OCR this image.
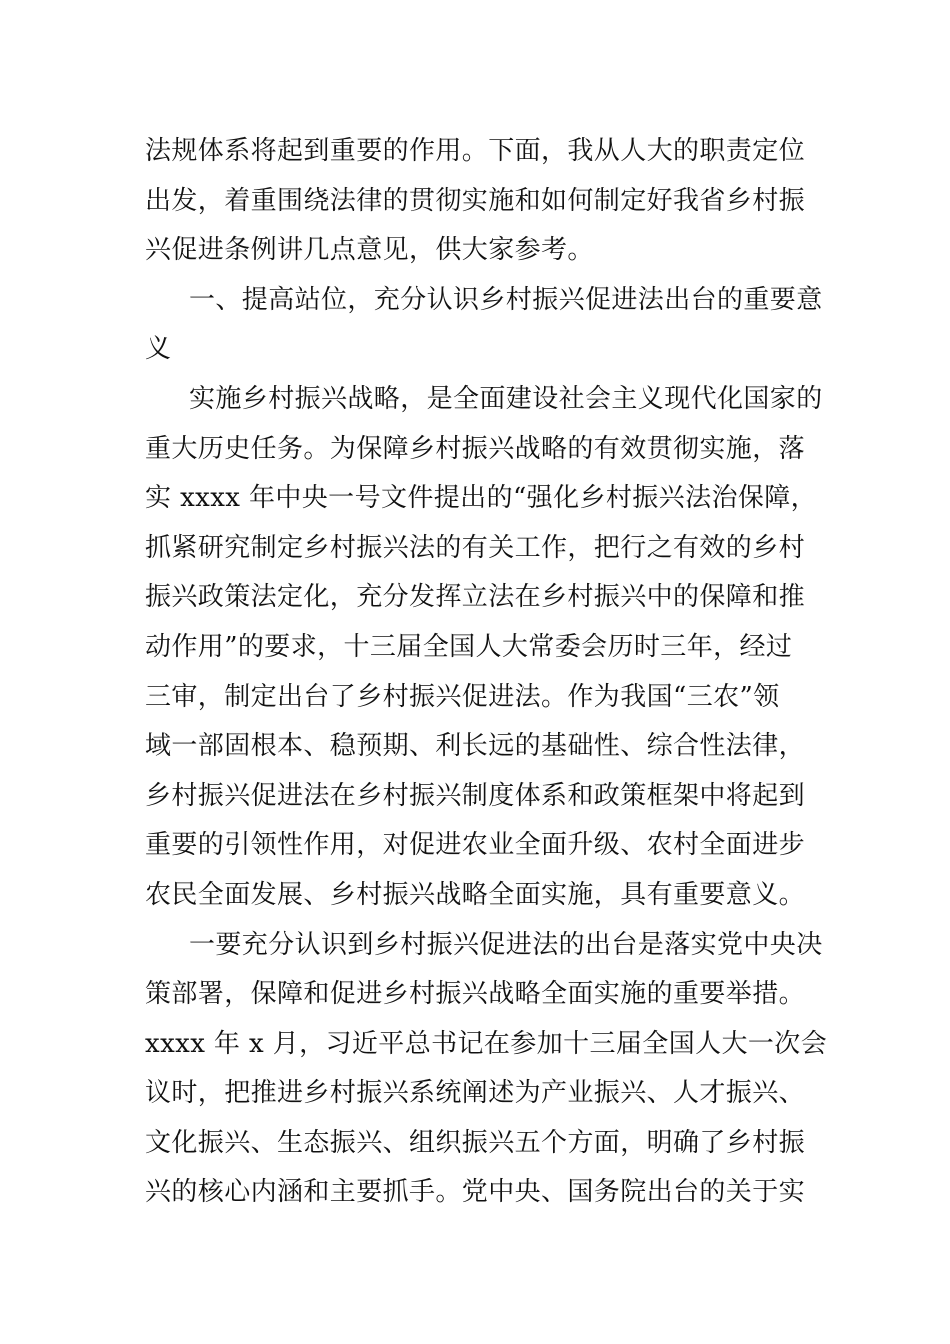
法规体系将起到重要的作用。下面，我从人大的职责定位
出发，着重围绕法律的贯彻实施和如何制定好我省乡村振
兴促进条例讲几点意见，供大家参考。
一、提高站位，充分认识乡村振兴促进法出台的重要意
义
实施乡村振兴战略，是全面建设社会主义现代化国家的
重大历史任务。为保障乡村振兴战略的有效贯彻实施，落
实 xxxx 年中央一号文件提出的“强化乡村振兴法治保障，
抓紧研究制定乡村振兴法的有关工作，把行之有效的乡村
振兴政策法定化，充分发挥立法在乡村振兴中的保障和推
动作用”的要求，十三届全国人大常委会历时三年，经过
三审，制定出台了乡村振兴促进法。作为我国“三农”领
域一部固根本、稳预期、利长远的基础性、综合性法律，
乡村振兴促进法在乡村振兴制度体系和政策框架中将起到
重要的引领性作用，对促进农业全面升级、农村全面进步
农民全面发展、乡村振兴战略全面实施，具有重要意义。
一要充分认识到乡村振兴促进法的出台是落实党中央决
策部署，保障和促进乡村振兴战略全面实施的重要举措。
xxxx 年 x 月，习近平总书记在参加十三届全国人大一次会
议时，把推进乡村振兴系统阐述为产业振兴、人才振兴、
文化振兴、生态振兴、组织振兴五个方面，明确了乡村振
兴的核心内涵和主要抓手。党中央、国务院出台的关于实
